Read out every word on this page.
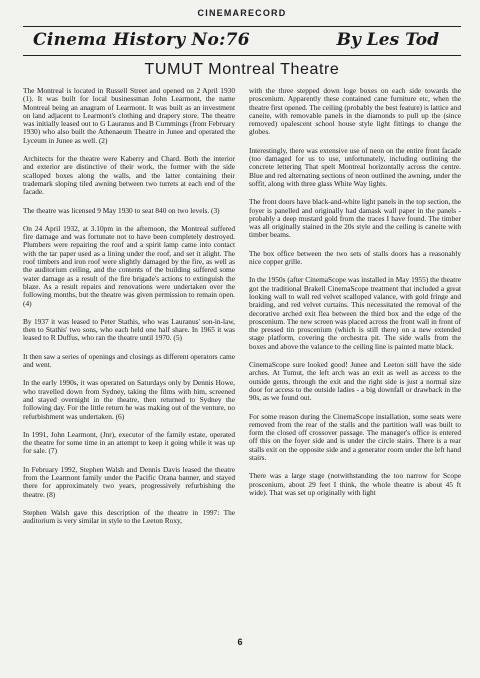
CINEMARECORD
Cinema History No:76	By Les Tod
TUMUT Montreal Theatre

The Montreal is located in Russell Street and opened on 2 April 1930 (1). It was built for local businessman John Learmont, the name Montreal being an anagram of Learmont. It was built as an investment on land adjacent to Learmont's clothing and drapery store. The theatre was initially leased out to G Lauranus and B Cummings (from February 1930) who also built the Athenaeum Theatre in Junee and operated the Lyceum in Junee as well. (2)

Architects for the theatre were Kaberry and Chard. Both the interior and exterior are distinctive of their work, the former with the side scalloped boxes along the walls, and the latter containing their trademark sloping tiled awning between two turrets at each end of the facade.

The theatre was licensed 9 May 1930 to seat 840 on two levels. (3)

On 24 April 1932, at 3.10pm in the afternoon, the Montreal suffered fire damage and was fortunate not to have been completely destroyed. Plumbers were repairing the roof and a spirit lamp came into contact with the tar paper used as a lining under the roof, and set it alight. The roof timbers and iron roof were slightly damaged by the fire, as well as the auditorium ceiling, and the contents of the building suffered some water damage as a result of the fire brigade's actions to extinguish the blaze. As a result repairs and renovations were undertaken over the following months, but the theatre was given permission to remain open. (4)

By 1937 it was leased to Peter Stathis, who was Lauranus' son-in-law, then to Stathis' two sons, who each held one half share. In 1965 it was leased to R Duffus, who ran the theatre until 1970. (5)

It then saw a series of openings and closings as different operators came and went.

In the early 1990s, it was operated on Saturdays only by Dennis Howe, who travelled down from Sydney, taking the films with him, screened and stayed overnight in the theatre, then returned to Sydney the following day. For the little return he was making out of the venture, no refurbishment was undertaken. (6)

In 1991, John Learmont, (Jnr), executor of the family estate, operated the theatre for some time in an attempt to keep it going while it was up for sale. (7)

In February 1992, Stephen Walsh and Dennis Davis leased the theatre from the Learmont family under the Pacific Orana banner, and stayed there for approximately two years, progressively refurbishing the theatre. (8)

Stephen Walsh gave this description of the theatre in 1997: The auditorium is very similar in style to the Leeton Roxy,

with the three stepped down loge boxes on each side towards the proscenium. Apparently these contained cane furniture etc, when the theatre first opened. The ceiling (probably the best feature) is lattice and caneite, with removable panels in the diamonds to pull up the (since removed) opalescent school house style light fittings to change the globes.

Interestingly, there was extensive use of neon on the entire front facade (too damaged for us to use, unfortunately, including outlining the concrete lettering That spelt Montreal horizontally across the centre. Blue and red alternating sections of neon outlined the awning, under the soffit, along with three glass White Way lights.

The front doors have black-and-white light panels in the top section, the foyer is panelled and originally had damask wall paper in the panels - probably a deep mustard gold from the traces I have found. The timber was all originally stained in the 20s style and the ceiling is caneite with timber beams.

The box office between the two sets of stalls doors has a reasonably nice copper grille.

In the 1950s (after CinemaScope was installed in May 1955) the theatre got the traditional Brakell CinemaScope treatment that included a great looking wall to wall red velvet scalloped valance, with gold fringe and braiding, and red velvet curtains. This necessitated the removal of the decorative arched exit flea between the third box and the edge of the proscenium. The new screen was placed across the front wall in front of the pressed tin proscenium (which is still there) on a new extended stage platform, covering the orchestra pit. The side walls from the boxes and above the valance to the ceiling line is painted matte black.

CinemaScope sure looked good! Junee and Leeton still have the side arches. At Tumut, the left arch was an exit as well as access to the outside gents, through the exit and the right side is just a normal size door for access to the outside ladies - a big downfall or drawback in the 90s, as we found out.

For some reason during the CinemaScope installation, some seats were removed from the rear of the stalls and the partition wall was built to form the closed off crossover passage. The manager's office is entered off this on the foyer side and is under the circle stairs. There is a rear stalls exit on the opposite side and a generator room under the left hand stairs.

There was a large stage (notwithstanding the too narrow for Scope proscenium, about 29 feet I think, the whole theatre is about 45 ft wide). That was set up originally with light

6
